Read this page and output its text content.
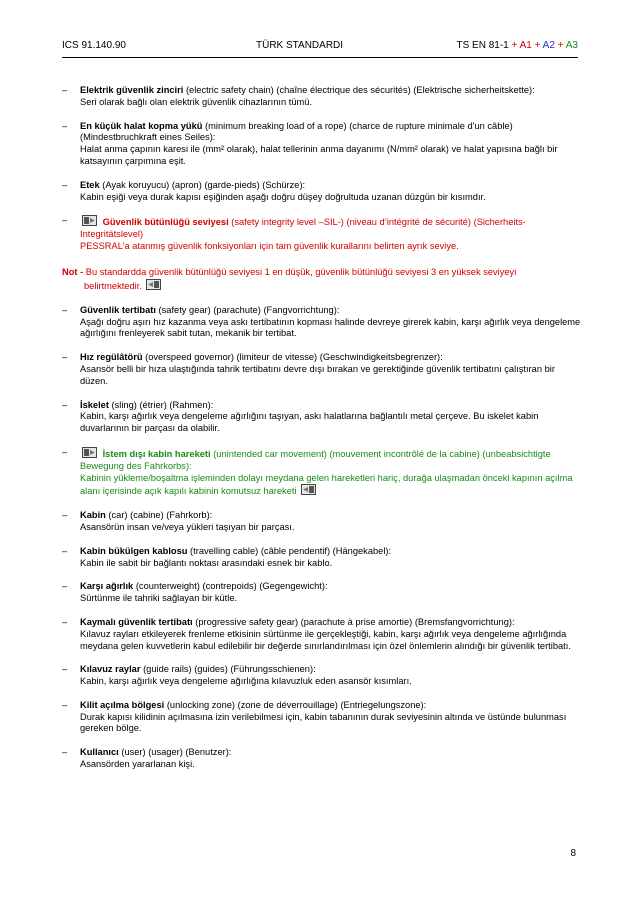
ICS 91.140.90	TÜRK STANDARDI	TS EN 81-1 + A1 + A2 + A3
– Elektrik güvenlik zinciri (electric safety chain) (chaîne électrique des sécurités) (Elektrische sicherheitskette):
Seri olarak bağlı olan elektrik güvenlik cihazlarının tümü.
– En küçük halat kopma yükü (minimum breaking load of a rope) (charce de rupture minimale d'un câble) (Mindestbruchkraft eines Seiles):
Halat anma çapının karesi ile (mm² olarak), halat tellerinin anma dayanımı (N/mm² olarak) ve halat yapısına bağlı bir katsayının çarpımına eşit.
– Etek (Ayak koruyucu) (apron) (garde-pieds) (Schürze):
Kabin eşiği veya durak kapısı eşiğinden aşağı doğru düşey doğrultuda uzanan düzgün bir kısımdır.
–	Güvenlik bütünlüğü seviyesi (safety integrity level –SIL-) (niveau d’intégrité de sécurité) (Sicherheits-Integritätslevel)
PESSRAL’a atanmış güvenlik fonksiyonları için tam güvenlik kurallarını belirten ayrık seviye.
Not - Bu standardda güvenlik bütünlüğü seviyesi 1 en düşük, güvenlik bütünlüğü seviyesi 3 en yüksek seviyeyi
belirtmektedir.
– Güvenlik tertibatı (safety gear) (parachute) (Fangvorrichtung):
Aşağı doğru aşırı hız kazanma veya askı tertibatının kopması halinde devreye girerek kabin, karşı ağırlık veya dengeleme ağırlığını frenleyerek sabit tutan, mekanik bir tertibat.
– Hız regülâtörü (overspeed governor) (limiteur de vitesse) (Geschwindigkeitsbegrenzer):
Asansör belli bir hıza ulaştığında tahrik tertibatını devre dışı bırakan ve gerektiğinde güvenlik tertibatını çalıştıran bir düzen.
– İskelet (sling) (étrier) (Rahmen):
Kabin, karşı ağırlık veya dengeleme ağırlığını taşıyan, askı halatlarına bağlantılı metal çerçeve. Bu iskelet kabin duvarlarının bir parçası da olabilir.
–	İstem dışı kabin hareketi (unintended car movement) (mouvement incontrôlé de la cabine) (unbeabsichtigte Bewegung des Fahrkorbs):
Kabinin yükleme/boşaltma işleminden dolayı meydana gelen hareketleri hariç, durağa ulaşmadan önceki kapının açılma alanı içerisinde açık kapılı kabinin komutsuz hareketi
– Kabin (car) (cabine) (Fahrkorb):
Asansörün insan ve/veya yükleri taşıyan bir parçası.
– Kabin bükülgen kablosu (travelling cable) (câble pendentif) (Hängekabel):
Kabin ile sabit bir bağlantı noktası arasındaki esnek bir kablo.
– Karşı ağırlık (counterweight) (contrepoids) (Gegengewicht):
Sürtünme ile tahriki sağlayan bir kütle.
– Kaymalı güvenlik tertibatı (progressive safety gear) (parachute à prise amortie) (Bremsfangvorrichtung):
Kılavuz rayları etkileyerek frenleme etkisinin sürtünme ile gerçekleştiği, kabin, karşı ağırlık veya dengeleme ağırlığında meydana gelen kuvvetlerin kabul edilebilir bir değerde sınırlandırılması için özel önlemlerin alındığı bir güvenlik tertibatı.
– Kılavuz raylar (guide rails) (guides) (Führungsschienen):
Kabin, karşı ağırlık veya dengeleme ağırlığına kılavuzluk eden asansör kısımları.
– Kilit açılma bölgesi (unlocking zone) (zone de déverrouillage) (Entriegelungszone):
Durak kapısı kilidinin açılmasına izin verilebilmesi için, kabin tabanının durak seviyesinin altında ve üstünde bulunması gereken bölge.
– Kullanıcı (user) (usager) (Benutzer):
Asansörden yararlanan kişi.
8
